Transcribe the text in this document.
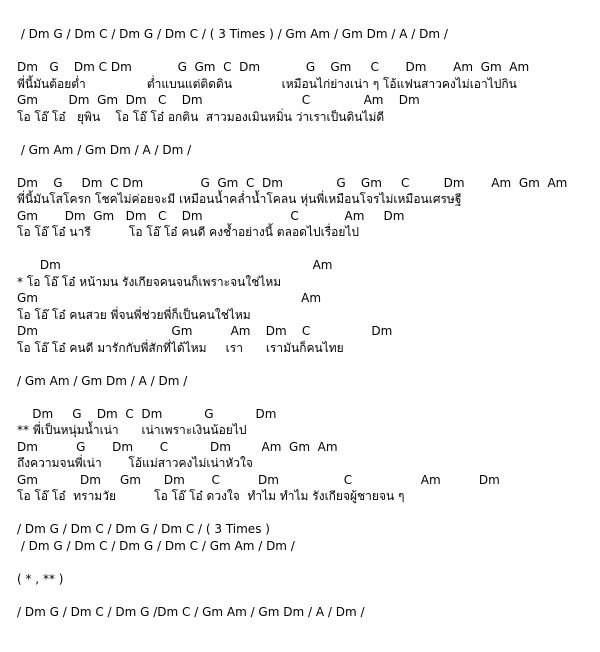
/ Dm G / Dm C / Dm G / Dm C / ( 3 Times ) / Gm Am / Gm Dm / A / Dm /
Dm   G    Dm C Dm            G  Gm  C  Dm            G    Gm     C       Dm       Am  Gm  Am
พี่นี้มันต้อยต่ำ                ต่ำแบนแต่ติดดิน             เหมือนไก่ย่างเน่า ๆ โอ้แฟนสาวคงไม่เอาไปกิน
Gm        Dm  Gm  Dm   C    Dm                          C              Am    Dm
โอ โอ๊ โอ๋   ยุพิน    โอ โอ๊ โอ๋ อกติน  สาวมองเมินหมิ่น ว่าเราเป็นดินไม่ดี
/ Gm Am / Gm Dm / A / Dm /
Dm    G     Dm  C Dm               G  Gm  C  Dm              G    Gm     C         Dm       Am  Gm  Am
พี่นี้มันโสโครก โชคไม่ค่อยจะมี เหมือนน้ำคล่ำน้ำโคลน หุ่นพี่เหมือนโจรไม่เหมือนเศรษฐี
Gm       Dm  Gm   Dm   C    Dm                       C            Am     Dm
โอ โอ๊ โอ๋ นารี          โอ โอ๊ โอ๋ คนดี คงช้ำอย่างนี้ ตลอดไปเรื่อยไป
Dm                                                                  Am
* โอ โอ๊ โอ๋ หน้ามน รังเกียจคนจนก็เพราะจนใช่ไหม
Gm                                                                     Am
โอ โอ๊ โอ๋ คนสวย พี่จนพี่ช่วยพี่ก็เป็นคนใช่ไหม
Dm                                   Gm          Am    Dm    C                Dm
โอ โอ๊ โอ๋ คนดี มารักกับพี่สักที่ได้ไหม     เรา      เรามันก็คนไทย
/ Gm Am / Gm Dm / A / Dm /
Dm     G    Dm  C  Dm           G           Dm
** พี่เป็นหนุ่มน้ำเน่า      เน่าเพราะเงินน้อยไป
Dm          G       Dm       C           Dm        Am  Gm  Am
ถึงความจนพี่เน่า       โอ้แม่สาวคงไม่เน่าหัวใจ
Gm           Dm     Gm      Dm       C          Dm                 C                  Am          Dm
โอ โอ๊ โอ๋  ทรามวัย          โอ โอ๊ โอ๋ ดวงใจ  ทำไม ทำไม รังเกียจผู้ชายจน ๆ
/ Dm G / Dm C / Dm G / Dm C / ( 3 Times )
/ Dm G / Dm C / Dm G / Dm C / Gm Am / Dm /
( * , ** )
/ Dm G / Dm C / Dm G /Dm C / Gm Am / Gm Dm / A / Dm /
